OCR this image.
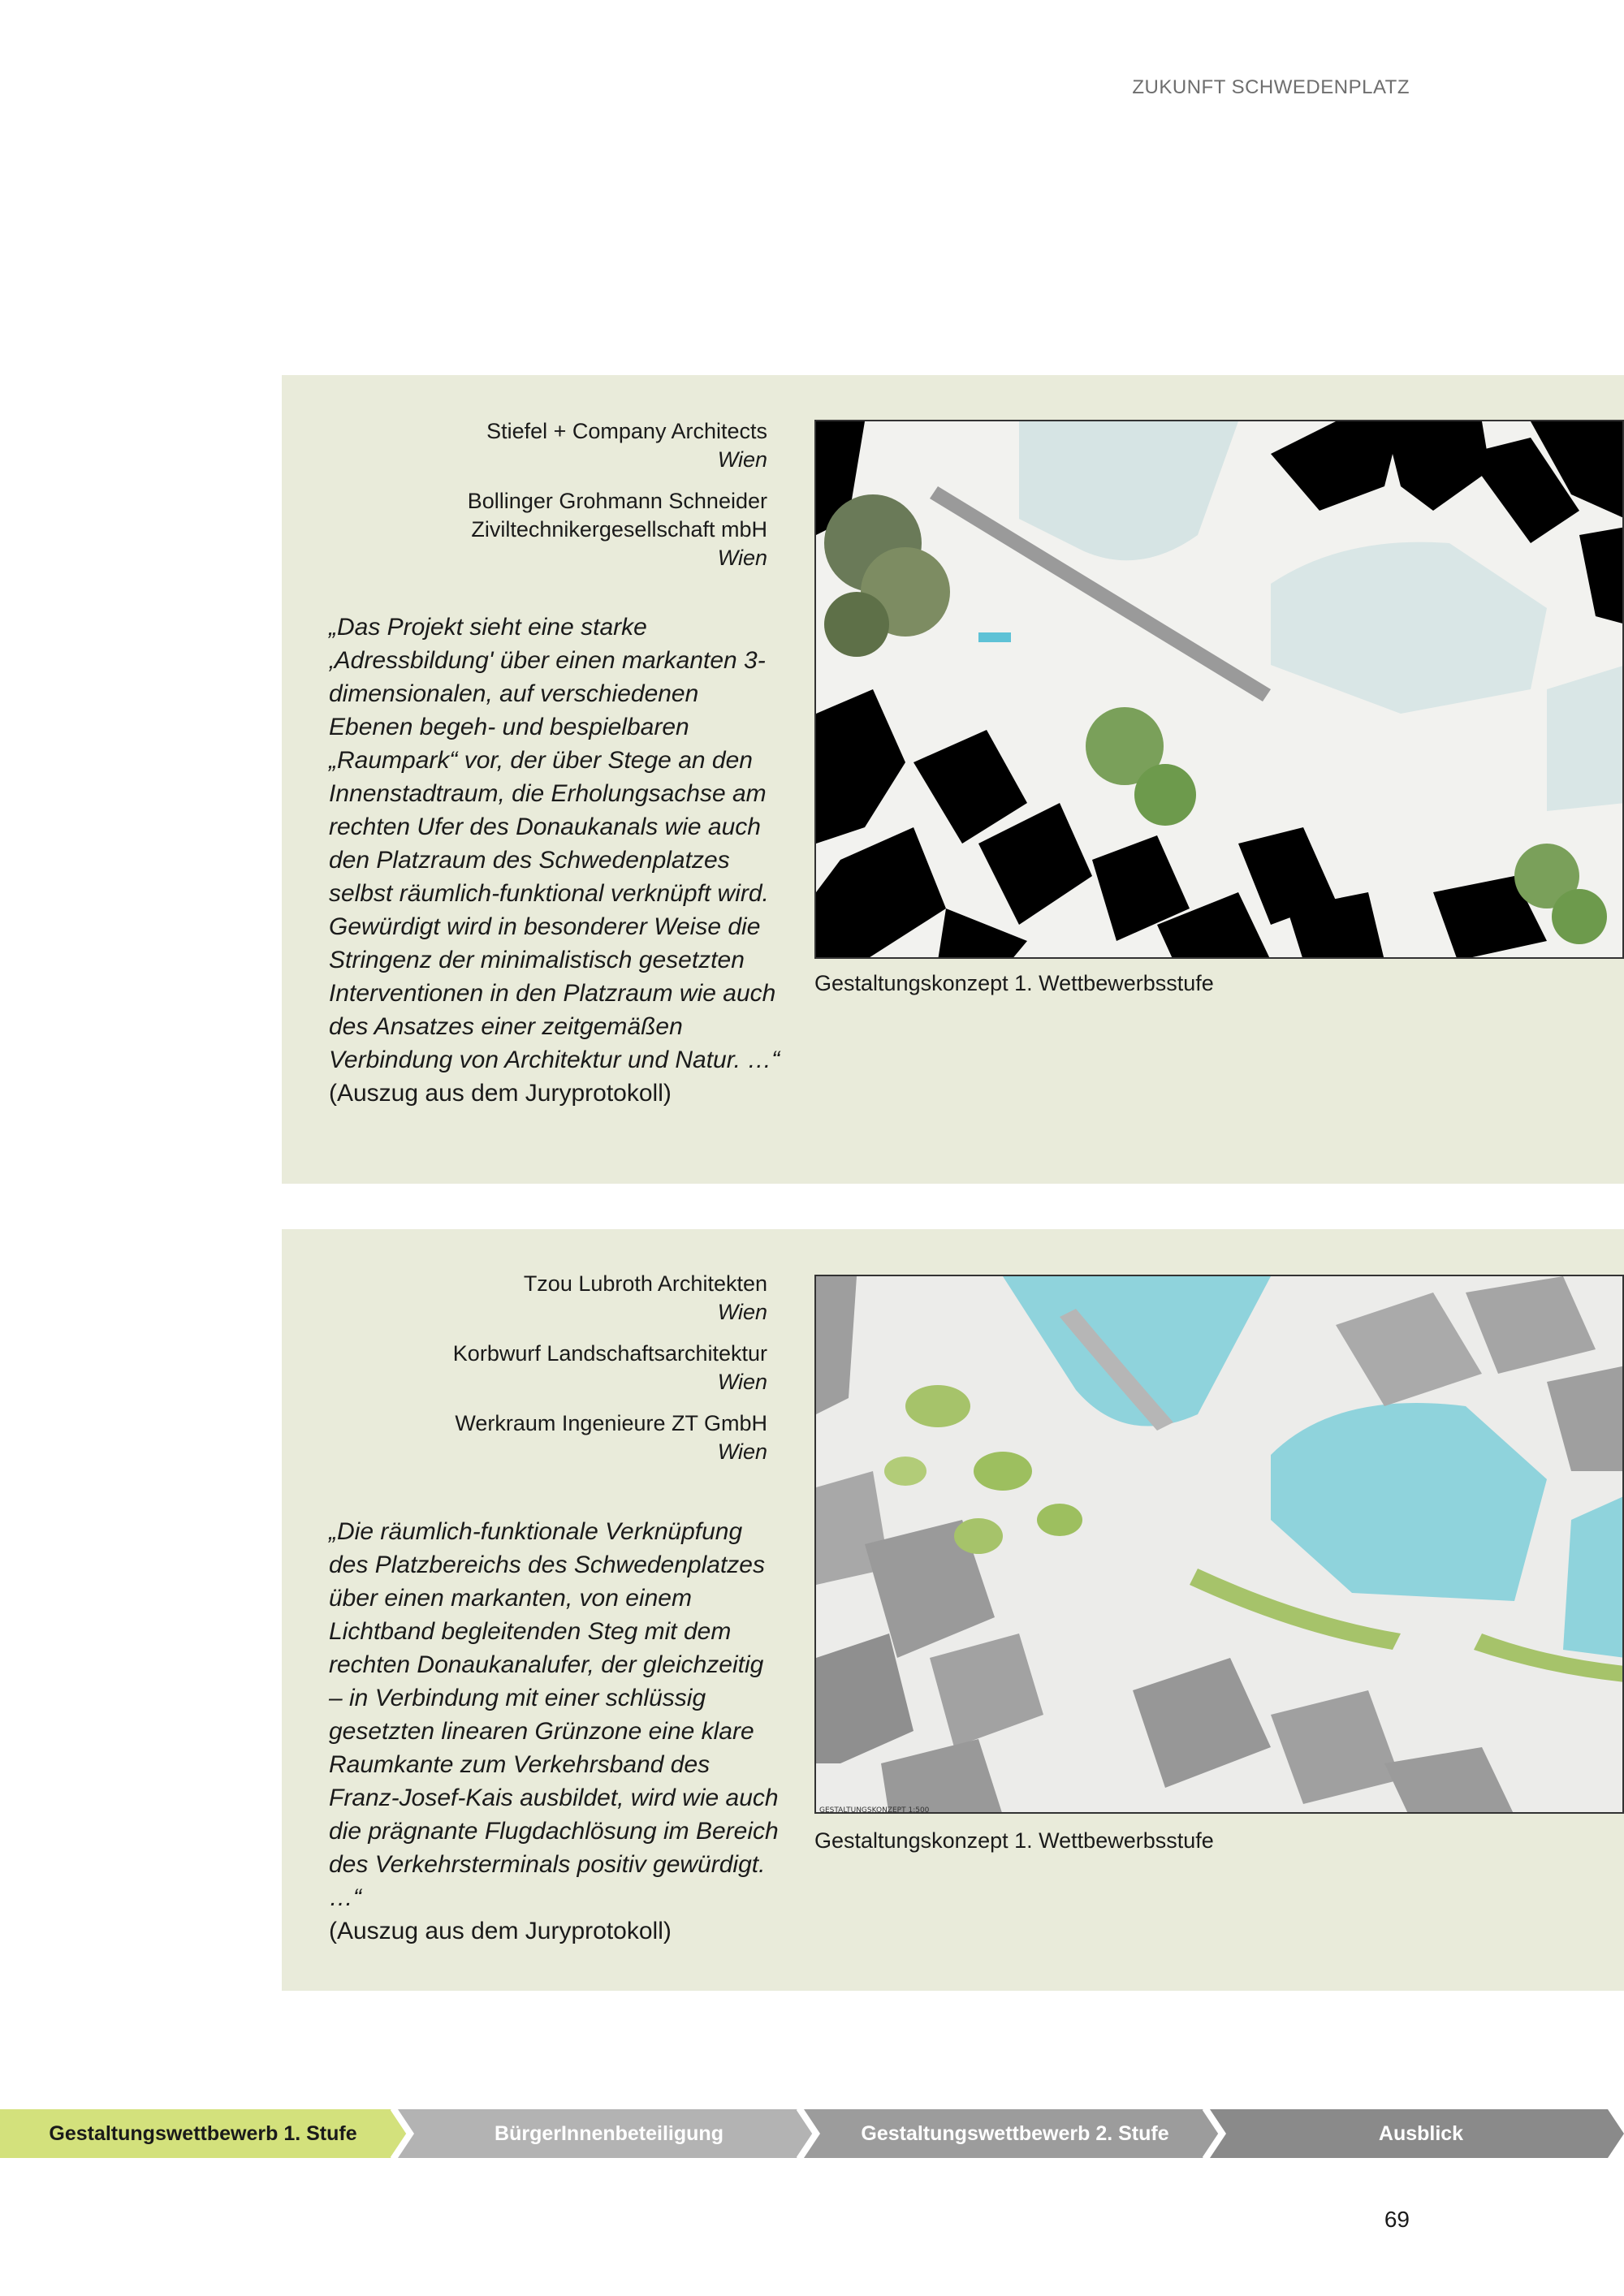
ZUKUNFT SCHWEDENPLATZ
Stiefel + Company Architects
Wien
Bollinger Grohmann Schneider Ziviltechnikergesellschaft mbH
Wien
„Das Projekt sieht eine starke ‚Adressbildung' über einen markanten 3-dimensionalen, auf verschiedenen Ebenen begeh- und bespielbaren „Raumpark“ vor, der über Stege an den Innenstadtraum, die Erholungsachse am rechten Ufer des Donaukanals wie auch den Platzraum des Schwedenplatzes selbst räumlich-funktional verknüpft wird. Gewürdigt wird in besonderer Weise die Stringenz der minimalistisch gesetzten Interventionen in den Platzraum wie auch des Ansatzes einer zeitgemäßen Verbindung von Architektur und Natur. …“
(Auszug aus dem Juryprotokoll)
Gestaltungskonzept 1. Wettbewerbsstufe
Tzou Lubroth Architekten
Wien
Korbwurf Landschaftsarchitektur
Wien
Werkraum Ingenieure ZT GmbH
Wien
„Die räumlich-funktionale Verknüpfung des Platzbereichs des Schwedenplatzes über einen markanten, von einem Lichtband begleitenden Steg mit dem rechten Donaukanalufer, der gleichzeitig – in Verbindung mit einer schlüssig gesetzten linearen Grünzone eine klare Raumkante zum Verkehrsband des Franz-Josef-Kais ausbildet, wird wie auch die prägnante Flugdachlösung im Bereich des Verkehrsterminals positiv gewürdigt. …“
(Auszug aus dem Juryprotokoll)
GESTALTUNGSKONZEPT 1:500
Gestaltungskonzept 1. Wettbewerbsstufe
Gestaltungswettbewerb 1. Stufe	BürgerInnenbeteiligung	Gestaltungswettbewerb 2. Stufe	Ausblick
69
